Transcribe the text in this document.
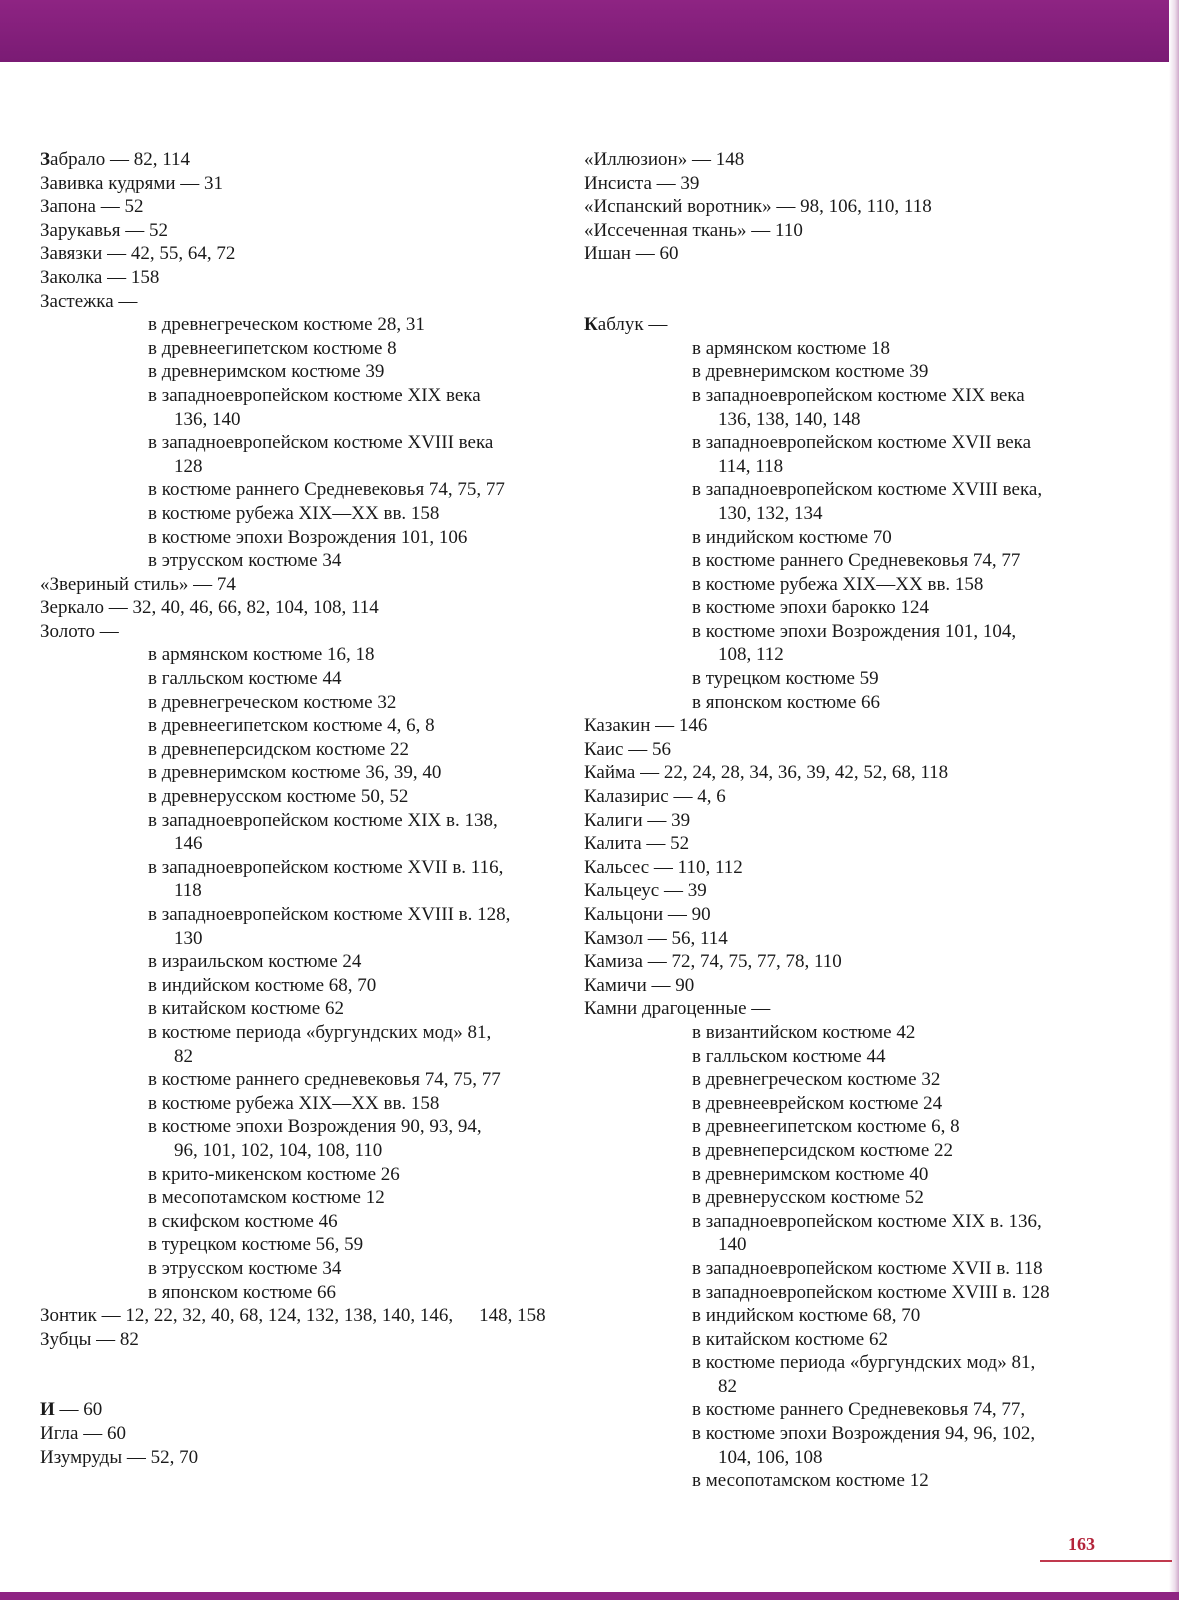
Забрало — 82, 114
Завивка кудрями — 31
Запона — 52
Зарукавья — 52
Завязки — 42, 55, 64, 72
Заколка — 158
Застежка —
в древнегреческом костюме 28, 31
в древнеегипетском костюме 8
в древнеримском костюме 39
в западноевропейском костюме XIX века
136, 140
в западноевропейском костюме XVIII века
128
в костюме раннего Средневековья 74, 75, 77
в костюме рубежа XIX—XX вв. 158
в костюме эпохи Возрождения 101, 106
в этрусском костюме 34
«Звериный стиль» — 74
Зеркало — 32, 40, 46, 66, 82, 104, 108, 114
Золото —
в армянском костюме 16, 18
в галльском костюме 44
в древнегреческом костюме 32
в древнеегипетском костюме 4, 6, 8
в древнеперсидском костюме 22
в древнеримском костюме 36, 39, 40
в древнерусском костюме 50, 52
в западноевропейском костюме XIX в. 138,
146
в западноевропейском костюме XVII в. 116,
118
в западноевропейском костюме XVIII в. 128,
130
в израильском костюме 24
в индийском костюме 68, 70
в китайском костюме 62
в костюме периода «бургундских мод» 81,
82
в костюме раннего средневековья 74, 75, 77
в костюме рубежа XIX—XX вв. 158
в костюме эпохи Возрождения 90, 93, 94,
96, 101, 102, 104, 108, 110
в крито-микенском костюме 26
в месопотамском костюме 12
в скифском костюме 46
в турецком костюме 56, 59
в этрусском костюме 34
в японском костюме 66
Зонтик — 12, 22, 32, 40, 68, 124, 132, 138, 140, 146, 148, 158
Зубцы — 82
И — 60
Игла — 60
Изумруды — 52, 70
«Иллюзион» — 148
Инсиста — 39
«Испанский воротник» — 98, 106, 110, 118
«Иссеченная ткань» — 110
Ишан — 60
Каблук —
в армянском костюме 18
в древнеримском костюме 39
в западноевропейском костюме XIX века
136, 138, 140, 148
в западноевропейском костюме XVII века
114, 118
в западноевропейском костюме XVIII века,
130, 132, 134
в индийском костюме 70
в костюме раннего Средневековья 74, 77
в костюме рубежа XIX—XX вв. 158
в костюме эпохи барокко 124
в костюме эпохи Возрождения 101, 104,
108, 112
в турецком костюме 59
в японском костюме 66
Казакин — 146
Каис — 56
Кайма — 22, 24, 28, 34, 36, 39, 42, 52, 68, 118
Калазирис — 4, 6
Калиги — 39
Калита — 52
Кальсес — 110, 112
Кальцеус — 39
Кальцони — 90
Камзол — 56, 114
Камиза — 72, 74, 75, 77, 78, 110
Камичи — 90
Камни драгоценные —
в византийском костюме 42
в галльском костюме 44
в древнегреческом костюме 32
в древнееврейском костюме 24
в древнеегипетском костюме 6, 8
в древнеперсидском костюме 22
в древнеримском костюме 40
в древнерусском костюме 52
в западноевропейском костюме XIX в. 136,
140
в западноевропейском костюме XVII в. 118
в западноевропейском костюме XVIII в. 128
в индийском костюме 68, 70
в китайском костюме 62
в костюме периода «бургундских мод» 81,
82
в костюме раннего Средневековья 74, 77,
в костюме эпохи Возрождения 94, 96, 102,
104, 106, 108
в месопотамском костюме 12
163
